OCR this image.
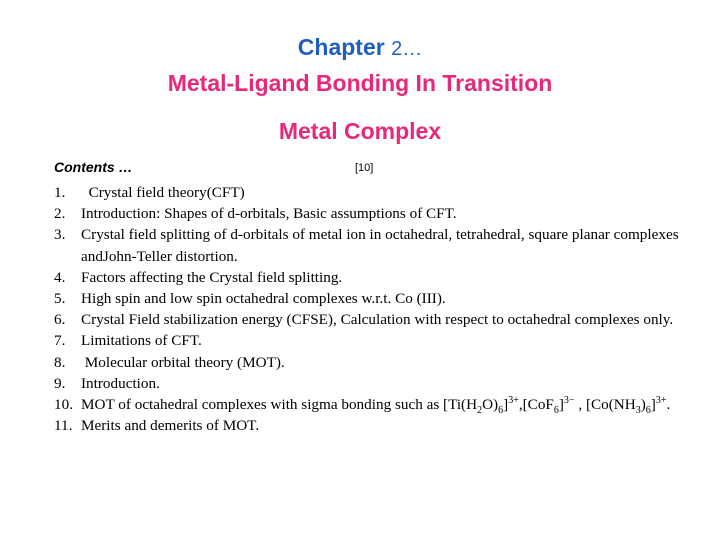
Chapter 2…
Metal-Ligand Bonding In Transition
Metal Complex
Contents …	[10]
1.	Crystal field theory(CFT)
2.	Introduction: Shapes of d-orbitals, Basic assumptions of CFT.
3.	Crystal field splitting of d-orbitals of metal ion in octahedral, tetrahedral, square planar complexes andJohn-Teller distortion.
4.	Factors affecting the Crystal field splitting.
5.	High spin and low spin octahedral complexes w.r.t. Co (III).
6.	Crystal Field stabilization energy (CFSE), Calculation with respect to octahedral complexes only.
7.	Limitations of CFT.
8.	Molecular orbital theory (MOT).
9.	Introduction.
10. MOT of octahedral complexes with sigma bonding such as $[Ti(H_2O)_6]^{3+},[CoF_6]^{3-}$ , $[Co(NH_3)_6]^{3+}$.
11. Merits and demerits of MOT.
